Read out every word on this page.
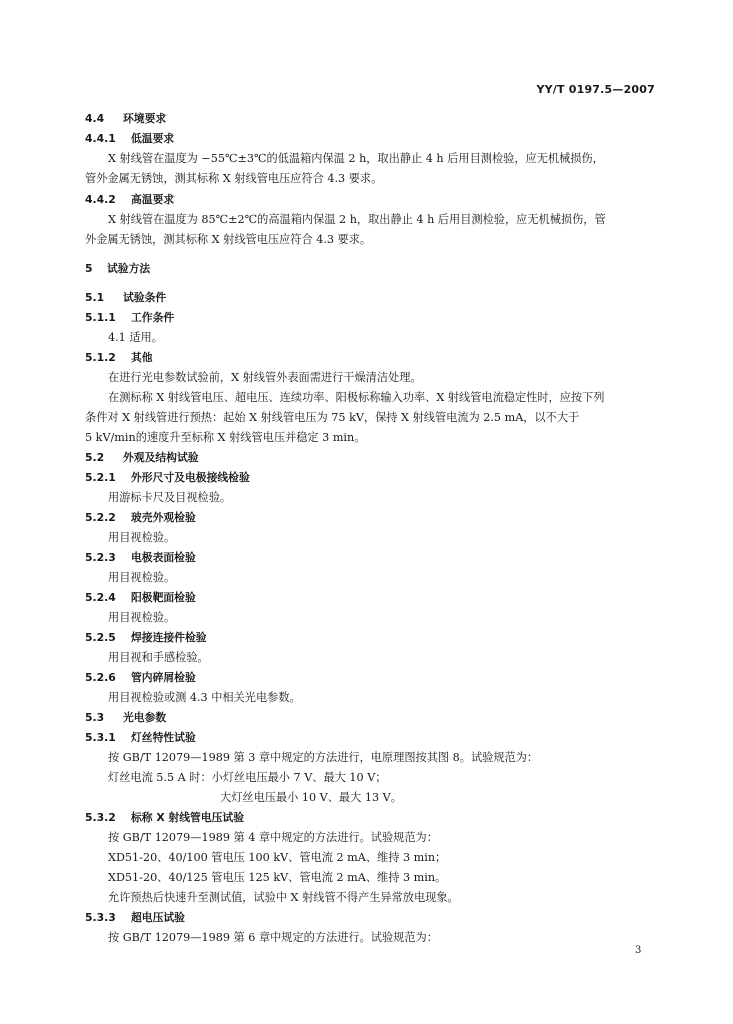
YY/T 0197.5—2007
4.4 环境要求
4.4.1 低温要求
X 射线管在温度为 −55℃±3℃的低温箱内保温 2 h，取出静止 4 h 后用目测检验，应无机械损伤，
管外金属无锈蚀，测其标称 X 射线管电压应符合 4.3 要求。
4.4.2 高温要求
X 射线管在温度为 85℃±2℃的高温箱内保温 2 h，取出静止 4 h 后用目测检验，应无机械损伤，管
外金属无锈蚀，测其标称 X 射线管电压应符合 4.3 要求。
5 试验方法
5.1 试验条件
5.1.1 工作条件
4.1 适用。
5.1.2 其他
在进行光电参数试验前，X 射线管外表面需进行干燥清洁处理。
在测标称 X 射线管电压、超电压、连续功率、阳极标称输入功率、X 射线管电流稳定性时，应按下列
条件对 X 射线管进行预热：起始 X 射线管电压为 75 kV，保持 X 射线管电流为 2.5 mA，以不大于
5 kV/min的速度升至标称 X 射线管电压并稳定 3 min。
5.2 外观及结构试验
5.2.1 外形尺寸及电极接线检验
用游标卡尺及目视检验。
5.2.2 玻壳外观检验
用目视检验。
5.2.3 电极表面检验
用目视检验。
5.2.4 阳极靶面检验
用目视检验。
5.2.5 焊接连接件检验
用目视和手感检验。
5.2.6 管内碎屑检验
用目视检验或测 4.3 中相关光电参数。
5.3 光电参数
5.3.1 灯丝特性试验
按 GB/T 12079—1989 第 3 章中规定的方法进行，电原理图按其图 8。试验规范为：
灯丝电流 5.5 A 时：小灯丝电压最小 7 V、最大 10 V；
大灯丝电压最小 10 V、最大 13 V。
5.3.2 标称 X 射线管电压试验
按 GB/T 12079—1989 第 4 章中规定的方法进行。试验规范为：
XD51-20、40/100 管电压 100 kV、管电流 2 mA、维持 3 min；
XD51-20、40/125 管电压 125 kV、管电流 2 mA、维持 3 min。
允许预热后快速升至测试值，试验中 X 射线管不得产生异常放电现象。
5.3.3 超电压试验
按 GB/T 12079—1989 第 6 章中规定的方法进行。试验规范为：
3
